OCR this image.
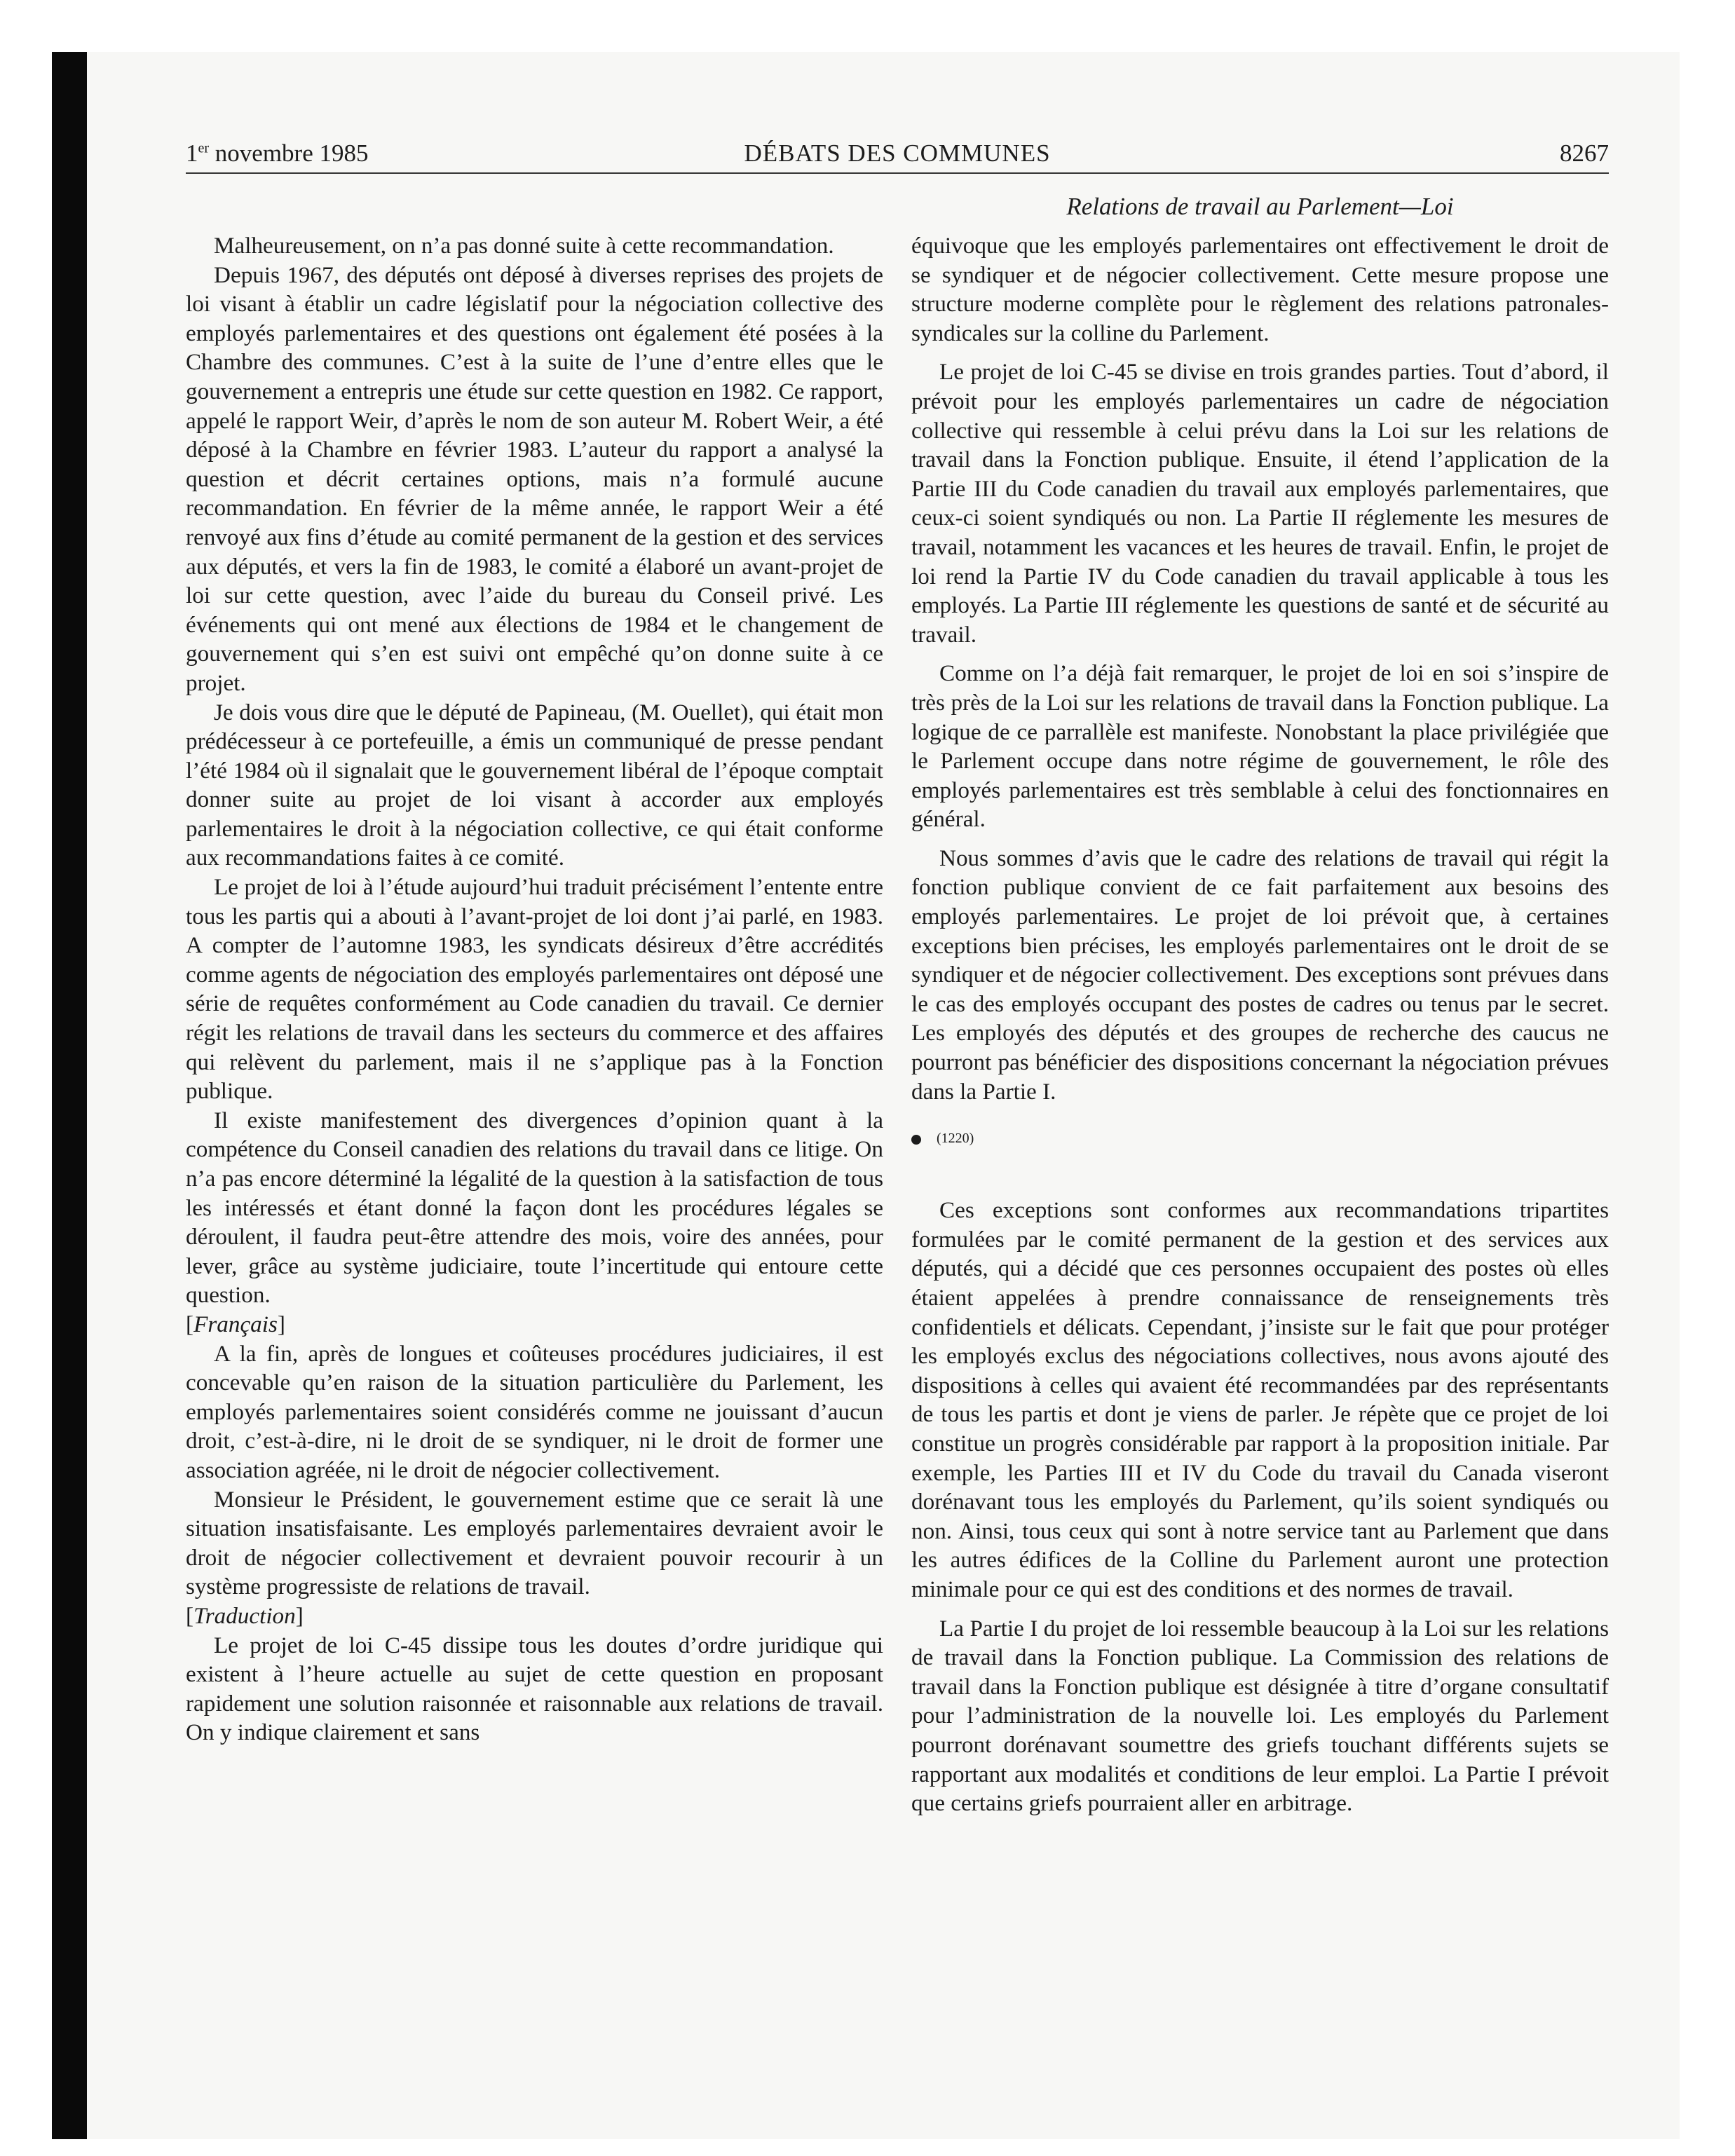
1er novembre 1985	DÉBATS DES COMMUNES	8267
Relations de travail au Parlement—Loi

Malheureusement, on n’a pas donné suite à cette recommandation.

Depuis 1967, des députés ont déposé à diverses reprises des projets de loi visant à établir un cadre législatif pour la négociation collective des employés parlementaires et des questions ont également été posées à la Chambre des communes. C’est à la suite de l’une d’entre elles que le gouvernement a entrepris une étude sur cette question en 1982. Ce rapport, appelé le rapport Weir, d’après le nom de son auteur M. Robert Weir, a été déposé à la Chambre en février 1983. L’auteur du rapport a analysé la question et décrit certaines options, mais n’a formulé aucune recommandation. En février de la même année, le rapport Weir a été renvoyé aux fins d’étude au comité permanent de la gestion et des services aux députés, et vers la fin de 1983, le comité a élaboré un avant-projet de loi sur cette question, avec l’aide du bureau du Conseil privé. Les événements qui ont mené aux élections de 1984 et le changement de gouvernement qui s’en est suivi ont empêché qu’on donne suite à ce projet.

Je dois vous dire que le député de Papineau, (M. Ouellet), qui était mon prédécesseur à ce portefeuille, a émis un communiqué de presse pendant l’été 1984 où il signalait que le gouvernement libéral de l’époque comptait donner suite au projet de loi visant à accorder aux employés parlementaires le droit à la négociation collective, ce qui était conforme aux recommandations faites à ce comité.

Le projet de loi à l’étude aujourd’hui traduit précisément l’entente entre tous les partis qui a abouti à l’avant-projet de loi dont j’ai parlé, en 1983. A compter de l’automne 1983, les syndicats désireux d’être accrédités comme agents de négociation des employés parlementaires ont déposé une série de requêtes conformément au Code canadien du travail. Ce dernier régit les relations de travail dans les secteurs du commerce et des affaires qui relèvent du parlement, mais il ne s’applique pas à la Fonction publique.

Il existe manifestement des divergences d’opinion quant à la compétence du Conseil canadien des relations du travail dans ce litige. On n’a pas encore déterminé la légalité de la question à la satisfaction de tous les intéressés et étant donné la façon dont les procédures légales se déroulent, il faudra peut-être attendre des mois, voire des années, pour lever, grâce au système judiciaire, toute l’incertitude qui entoure cette question.

[Français]

A la fin, après de longues et coûteuses procédures judiciaires, il est concevable qu’en raison de la situation particulière du Parlement, les employés parlementaires soient considérés comme ne jouissant d’aucun droit, c’est-à-dire, ni le droit de se syndiquer, ni le droit de former une association agréée, ni le droit de négocier collectivement.

Monsieur le Président, le gouvernement estime que ce serait là une situation insatisfaisante. Les employés parlementaires devraient avoir le droit de négocier collectivement et devraient pouvoir recourir à un système progressiste de relations de travail.

[Traduction]

Le projet de loi C-45 dissipe tous les doutes d’ordre juridique qui existent à l’heure actuelle au sujet de cette question en proposant rapidement une solution raisonnée et raisonnable aux relations de travail. On y indique clairement et sans

équivoque que les employés parlementaires ont effectivement le droit de se syndiquer et de négocier collectivement. Cette mesure propose une structure moderne complète pour le règlement des relations patronales-syndicales sur la colline du Parlement.

Le projet de loi C-45 se divise en trois grandes parties. Tout d’abord, il prévoit pour les employés parlementaires un cadre de négociation collective qui ressemble à celui prévu dans la Loi sur les relations de travail dans la Fonction publique. Ensuite, il étend l’application de la Partie III du Code canadien du travail aux employés parlementaires, que ceux-ci soient syndiqués ou non. La Partie II réglemente les mesures de travail, notamment les vacances et les heures de travail. Enfin, le projet de loi rend la Partie IV du Code canadien du travail applicable à tous les employés. La Partie III réglemente les questions de santé et de sécurité au travail.

Comme on l’a déjà fait remarquer, le projet de loi en soi s’inspire de très près de la Loi sur les relations de travail dans la Fonction publique. La logique de ce parrallèle est manifeste. Nonobstant la place privilégiée que le Parlement occupe dans notre régime de gouvernement, le rôle des employés parlementaires est très semblable à celui des fonctionnaires en général.

Nous sommes d’avis que le cadre des relations de travail qui régit la fonction publique convient de ce fait parfaitement aux besoins des employés parlementaires. Le projet de loi prévoit que, à certaines exceptions bien précises, les employés parlementaires ont le droit de se syndiquer et de négocier collectivement. Des exceptions sont prévues dans le cas des employés occupant des postes de cadres ou tenus par le secret. Les employés des députés et des groupes de recherche des caucus ne pourront pas bénéficier des dispositions concernant la négociation prévues dans la Partie I.

(1220)

Ces exceptions sont conformes aux recommandations tripartites formulées par le comité permanent de la gestion et des services aux députés, qui a décidé que ces personnes occupaient des postes où elles étaient appelées à prendre connaissance de renseignements très confidentiels et délicats. Cependant, j’insiste sur le fait que pour protéger les employés exclus des négociations collectives, nous avons ajouté des dispositions à celles qui avaient été recommandées par des représentants de tous les partis et dont je viens de parler. Je répète que ce projet de loi constitue un progrès considérable par rapport à la proposition initiale. Par exemple, les Parties III et IV du Code du travail du Canada viseront dorénavant tous les employés du Parlement, qu’ils soient syndiqués ou non. Ainsi, tous ceux qui sont à notre service tant au Parlement que dans les autres édifices de la Colline du Parlement auront une protection minimale pour ce qui est des conditions et des normes de travail.

La Partie I du projet de loi ressemble beaucoup à la Loi sur les relations de travail dans la Fonction publique. La Commission des relations de travail dans la Fonction publique est désignée à titre d’organe consultatif pour l’administration de la nouvelle loi. Les employés du Parlement pourront dorénavant soumettre des griefs touchant différents sujets se rapportant aux modalités et conditions de leur emploi. La Partie I prévoit que certains griefs pourraient aller en arbitrage.
